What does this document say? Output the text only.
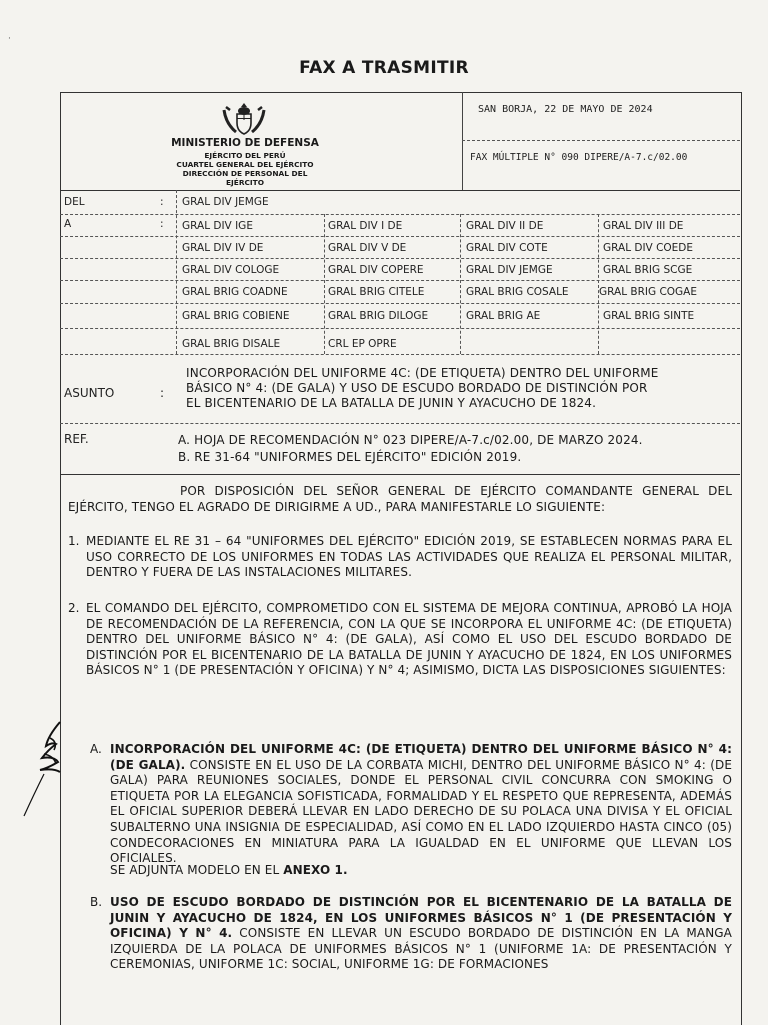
·
FAX A TRASMITIR
MINISTERIO DE DEFENSA
EJÉRCITO DEL PERÚ
CUARTEL GENERAL DEL EJÉRCITO
DIRECCIÓN DE PERSONAL DEL EJÉRCITO
SAN BORJA, 22 DE MAYO DE 2024
FAX MÚLTIPLE N° 090 DIPERE/A-7.c/02.00
DEL	: GRAL DIV JEMGE
A	: GRAL DIV IGE	GRAL DIV I DE	GRAL DIV II DE	GRAL DIV III DE
GRAL DIV IV DE	GRAL DIV V DE	GRAL DIV COTE	GRAL DIV COEDE
GRAL DIV COLOGE	GRAL DIV COPERE	GRAL DIV JEMGE	GRAL BRIG SCGE
GRAL BRIG COADNE	GRAL BRIG CITELE	GRAL BRIG COSALE	GRAL BRIG COGAE
GRAL BRIG COBIENE	GRAL BRIG DILOGE	GRAL BRIG AE	GRAL BRIG SINTE
GRAL BRIG DISALE	CRL EP OPRE
ASUNTO	:
INCORPORACIÓN DEL UNIFORME 4C: (DE ETIQUETA) DENTRO DEL UNIFORME
BÁSICO N° 4: (DE GALA) Y USO DE ESCUDO BORDADO DE DISTINCIÓN POR
EL BICENTENARIO DE LA BATALLA DE JUNIN Y AYACUCHO DE 1824.
REF.	A. HOJA DE RECOMENDACIÓN N° 023 DIPERE/A-7.c/02.00, DE MARZO 2024.
B. RE 31-64 "UNIFORMES DEL EJÉRCITO" EDICIÓN 2019.
POR DISPOSICIÓN DEL SEÑOR GENERAL DE EJÉRCITO COMANDANTE GENERAL DEL EJÉRCITO, TENGO EL AGRADO DE DIRIGIRME A UD., PARA MANIFESTARLE LO SIGUIENTE:
1. MEDIANTE EL RE 31 – 64 "UNIFORMES DEL EJÉRCITO" EDICIÓN 2019, SE ESTABLECEN NORMAS PARA EL USO CORRECTO DE LOS UNIFORMES EN TODAS LAS ACTIVIDADES QUE REALIZA EL PERSONAL MILITAR, DENTRO Y FUERA DE LAS INSTALACIONES MILITARES.
2. EL COMANDO DEL EJÉRCITO, COMPROMETIDO CON EL SISTEMA DE MEJORA CONTINUA, APROBÓ LA HOJA DE RECOMENDACIÓN DE LA REFERENCIA, CON LA QUE SE INCORPORA EL UNIFORME 4C: (DE ETIQUETA) DENTRO DEL UNIFORME BÁSICO N° 4: (DE GALA), ASÍ COMO EL USO DEL ESCUDO BORDADO DE DISTINCIÓN POR EL BICENTENARIO DE LA BATALLA DE JUNIN Y AYACUCHO DE 1824, EN LOS UNIFORMES BÁSICOS N° 1 (DE PRESENTACIÓN Y OFICINA) Y N° 4; ASIMISMO, DICTA LAS DISPOSICIONES SIGUIENTES:
A. INCORPORACIÓN DEL UNIFORME 4C: (DE ETIQUETA) DENTRO DEL UNIFORME BÁSICO N° 4: (DE GALA). CONSISTE EN EL USO DE LA CORBATA MICHI, DENTRO DEL UNIFORME BÁSICO N° 4: (DE GALA) PARA REUNIONES SOCIALES, DONDE EL PERSONAL CIVIL CONCURRA CON SMOKING O ETIQUETA POR LA ELEGANCIA SOFISTICADA, FORMALIDAD Y EL RESPETO QUE REPRESENTA, ADEMÁS EL OFICIAL SUPERIOR DEBERÁ LLEVAR EN LADO DERECHO DE SU POLACA UNA DIVISA Y EL OFICIAL SUBALTERNO UNA INSIGNIA DE ESPECIALIDAD, ASÍ COMO EN EL LADO IZQUIERDO HASTA CINCO (05) CONDECORACIONES EN MINIATURA PARA LA IGUALDAD EN EL UNIFORME QUE LLEVAN LOS OFICIALES.
SE ADJUNTA MODELO EN EL ANEXO 1.
B. USO DE ESCUDO BORDADO DE DISTINCIÓN POR EL BICENTENARIO DE LA BATALLA DE JUNIN Y AYACUCHO DE 1824, EN LOS UNIFORMES BÁSICOS N° 1 (DE PRESENTACIÓN Y OFICINA) Y N° 4. CONSISTE EN LLEVAR UN ESCUDO BORDADO DE DISTINCIÓN EN LA MANGA IZQUIERDA DE LA POLACA DE UNIFORMES BÁSICOS N° 1 (UNIFORME 1A: DE PRESENTACIÓN Y CEREMONIAS, UNIFORME 1C: SOCIAL, UNIFORME 1G: DE FORMACIONES
